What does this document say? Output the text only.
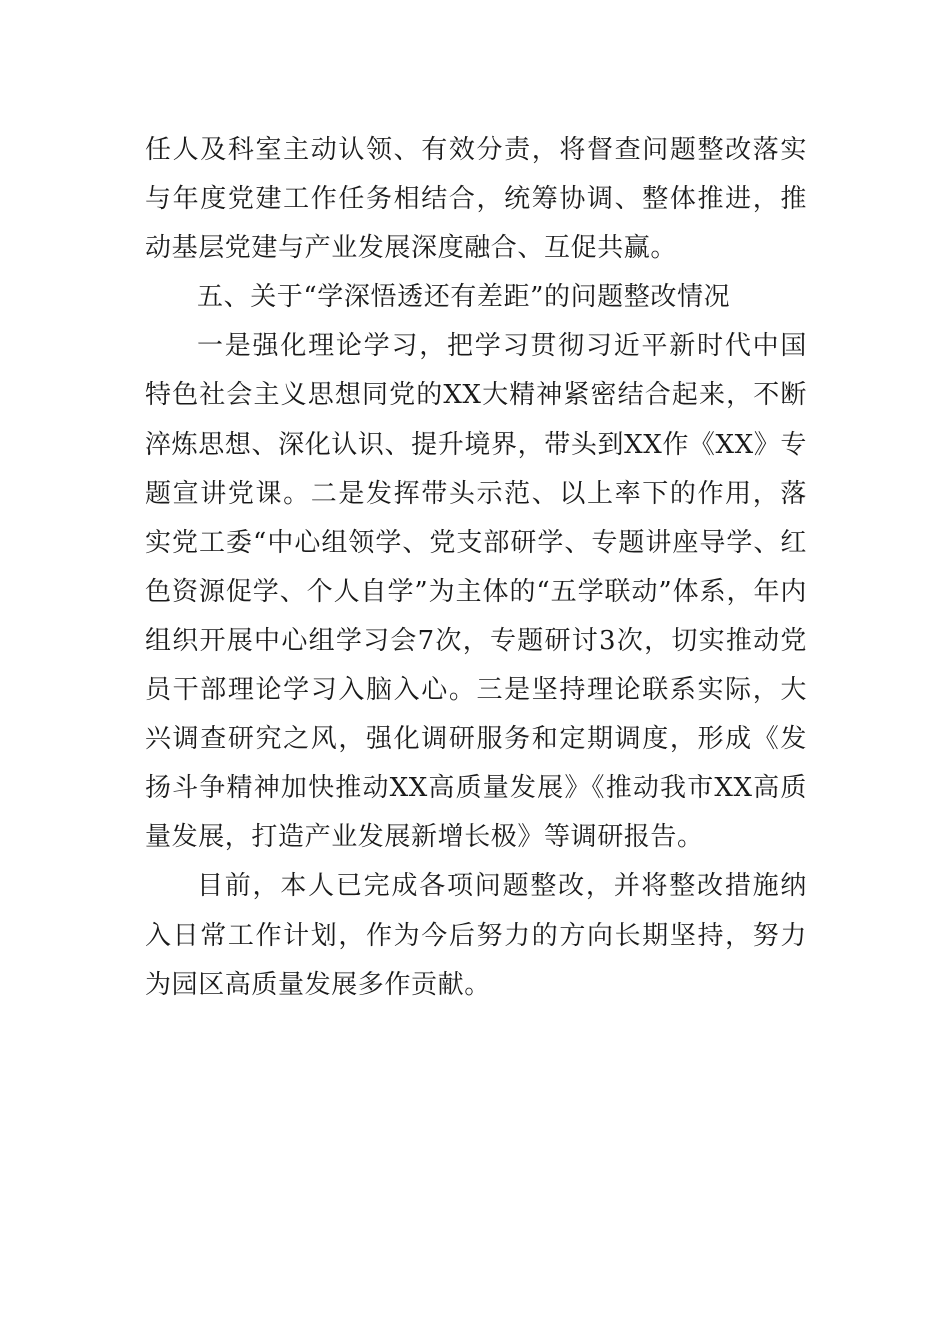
任人及科室主动认领、有效分责，将督查问题整改落实与年度党建工作任务相结合，统筹协调、整体推进，推动基层党建与产业发展深度融合、互促共赢。

五、关于“学深悟透还有差距”的问题整改情况

一是强化理论学习，把学习贯彻习近平新时代中国特色社会主义思想同党的XX大精神紧密结合起来，不断淬炼思想、深化认识、提升境界，带头到XX作《XX》专题宣讲党课。二是发挥带头示范、以上率下的作用，落实党工委“中心组领学、党支部研学、专题讲座导学、红色资源促学、个人自学”为主体的“五学联动”体系，年内组织开展中心组学习会7次，专题研讨3次，切实推动党员干部理论学习入脑入心。三是坚持理论联系实际，大兴调查研究之风，强化调研服务和定期调度，形成《发扬斗争精神加快推动XX高质量发展》《推动我市XX高质量发展，打造产业发展新增长极》等调研报告。

目前，本人已完成各项问题整改，并将整改措施纳入日常工作计划，作为今后努力的方向长期坚持，努力为园区高质量发展多作贡献。
